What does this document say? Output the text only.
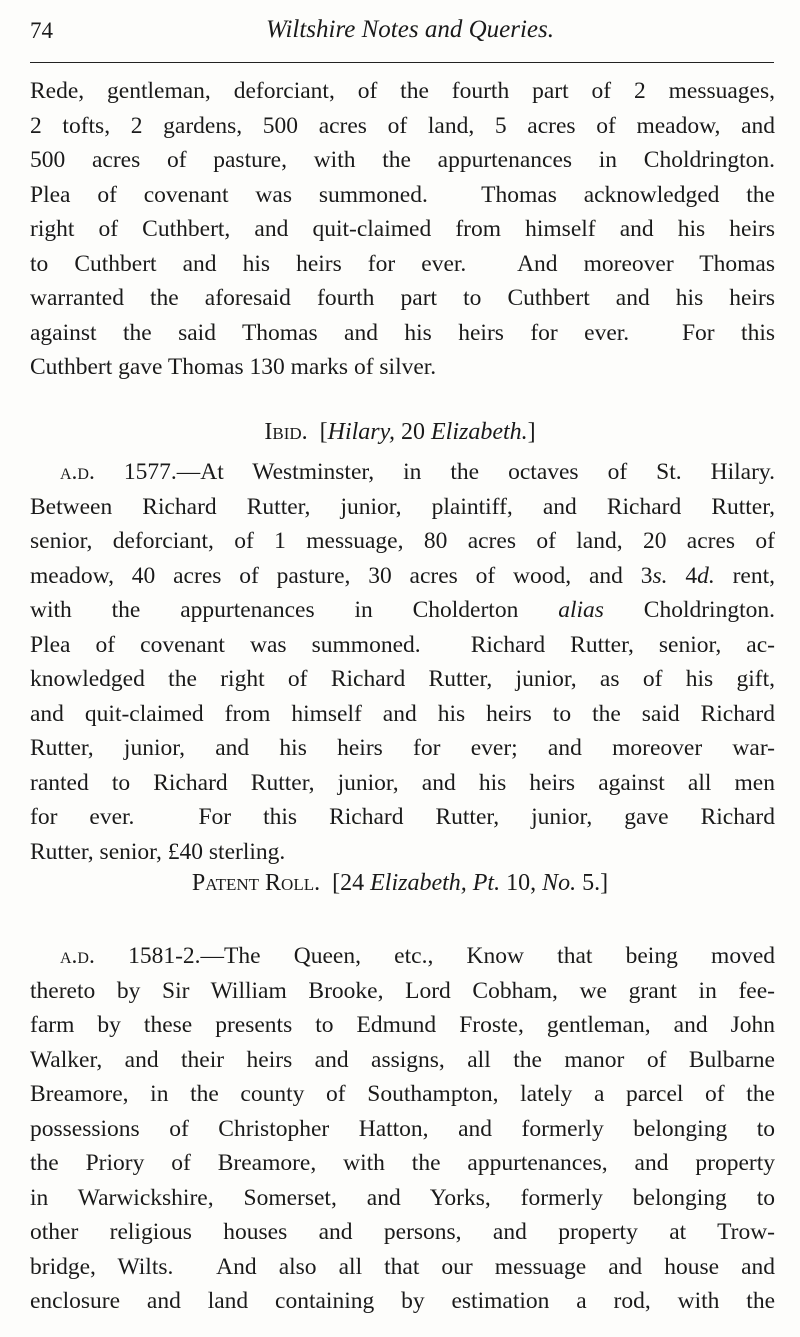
74	Wiltshire Notes and Queries.
Rede, gentleman, deforciant, of the fourth part of 2 messuages,
2 tofts, 2 gardens, 500 acres of land, 5 acres of meadow, and
500 acres of pasture, with the appurtenances in Choldrington.
Plea of covenant was summoned.  Thomas acknowledged the
right of Cuthbert, and quit-claimed from himself and his heirs
to Cuthbert and his heirs for ever.  And moreover Thomas
warranted the aforesaid fourth part to Cuthbert and his heirs
against the said Thomas and his heirs for ever.  For this
Cuthbert gave Thomas 130 marks of silver.
Ibid.  [Hilary, 20 Elizabeth.]
a.d. 1577.—At Westminster, in the octaves of St. Hilary.
Between Richard Rutter, junior, plaintiff, and Richard Rutter,
senior, deforciant, of 1 messuage, 80 acres of land, 20 acres of
meadow, 40 acres of pasture, 30 acres of wood, and 3s. 4d. rent,
with the appurtenances in Cholderton alias Choldrington.
Plea of covenant was summoned.  Richard Rutter, senior, ac-
knowledged the right of Richard Rutter, junior, as of his gift,
and quit-claimed from himself and his heirs to the said Richard
Rutter, junior, and his heirs for ever; and moreover war-
ranted to Richard Rutter, junior, and his heirs against all men
for ever.  For this Richard Rutter, junior, gave Richard
Rutter, senior, £40 sterling.
Patent Roll.  [24 Elizabeth, Pt. 10, No. 5.]
a.d. 1581-2.—The Queen, etc., Know that being moved
thereto by Sir William Brooke, Lord Cobham, we grant in fee-
farm by these presents to Edmund Froste, gentleman, and John
Walker, and their heirs and assigns, all the manor of Bulbarne
Breamore, in the county of Southampton, lately a parcel of the
possessions of Christopher Hatton, and formerly belonging to
the Priory of Breamore, with the appurtenances, and property
in Warwickshire, Somerset, and Yorks, formerly belonging to
other religious houses and persons, and property at Trow-
bridge, Wilts.  And also all that our messuage and house and
enclosure and land containing by estimation a rod, with the
